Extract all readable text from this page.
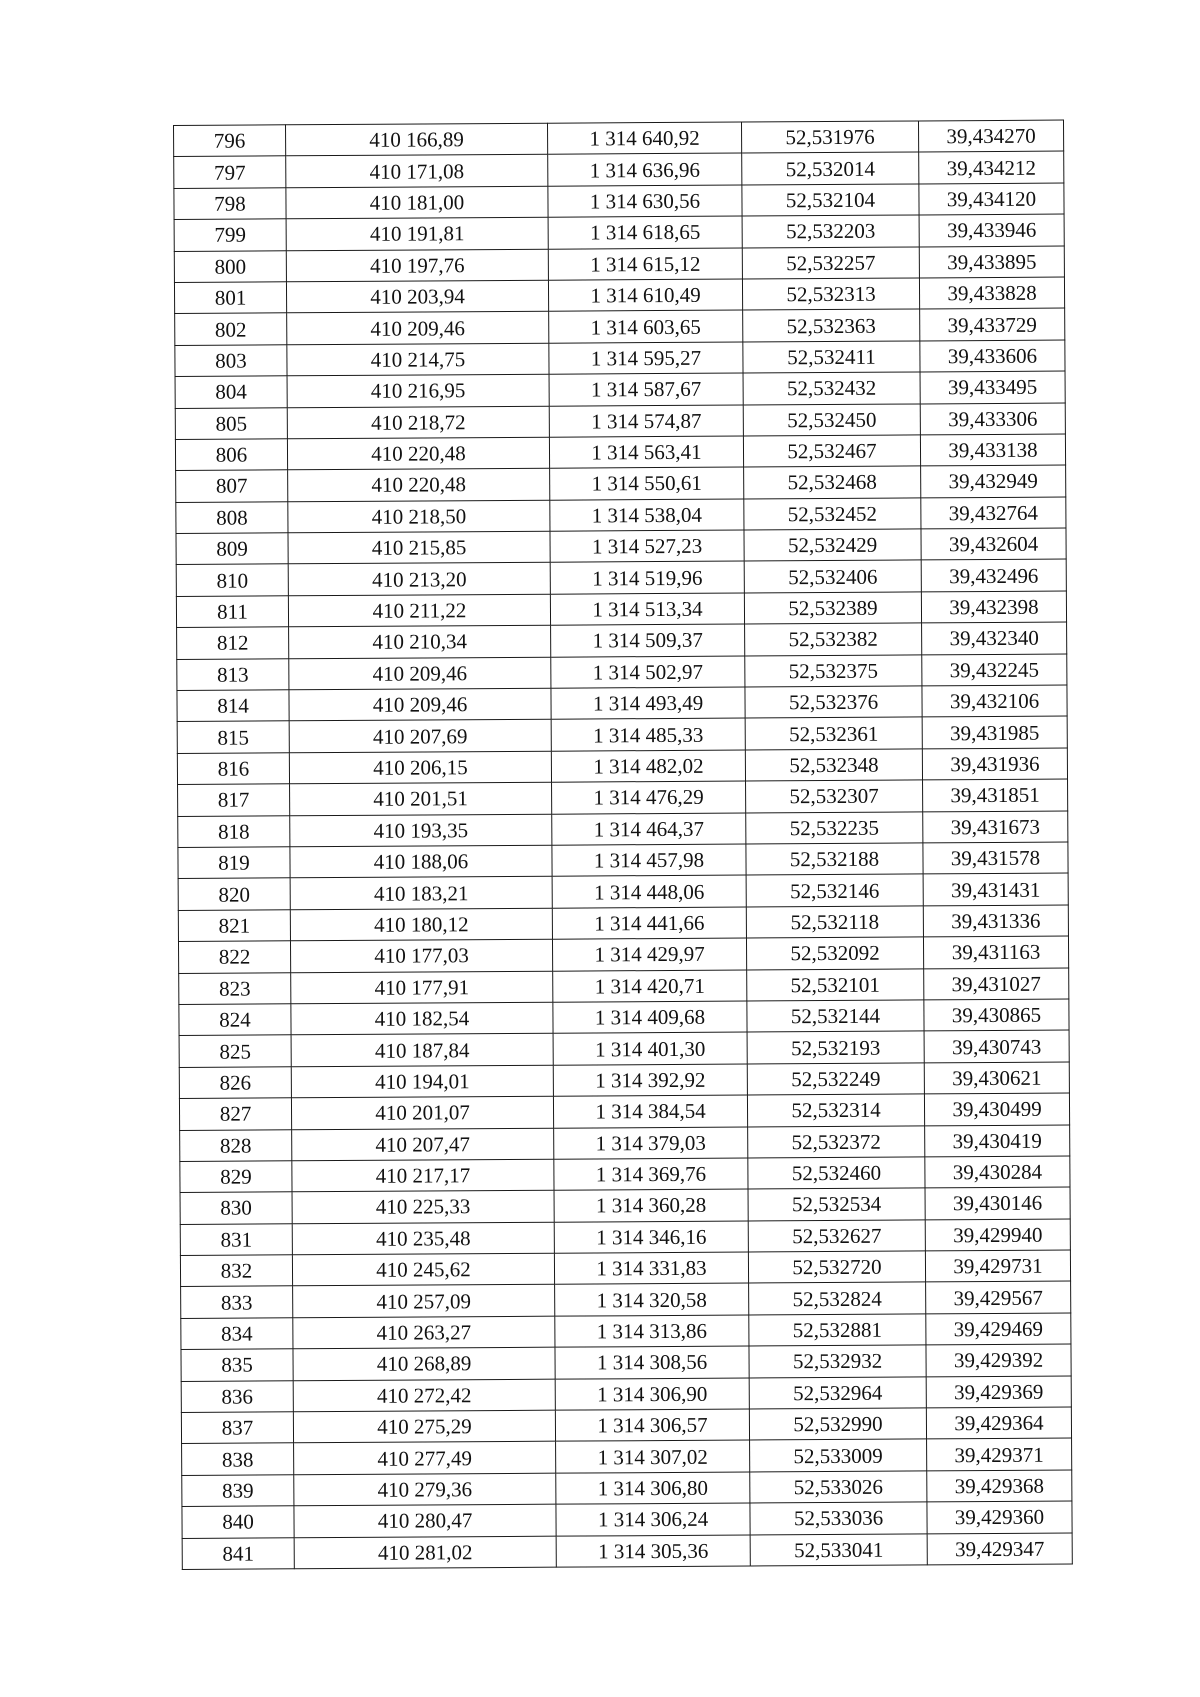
796	410 166,89	1 314 640,92	52,531976	39,434270
797	410 171,08	1 314 636,96	52,532014	39,434212
798	410 181,00	1 314 630,56	52,532104	39,434120
799	410 191,81	1 314 618,65	52,532203	39,433946
800	410 197,76	1 314 615,12	52,532257	39,433895
801	410 203,94	1 314 610,49	52,532313	39,433828
802	410 209,46	1 314 603,65	52,532363	39,433729
803	410 214,75	1 314 595,27	52,532411	39,433606
804	410 216,95	1 314 587,67	52,532432	39,433495
805	410 218,72	1 314 574,87	52,532450	39,433306
806	410 220,48	1 314 563,41	52,532467	39,433138
807	410 220,48	1 314 550,61	52,532468	39,432949
808	410 218,50	1 314 538,04	52,532452	39,432764
809	410 215,85	1 314 527,23	52,532429	39,432604
810	410 213,20	1 314 519,96	52,532406	39,432496
811	410 211,22	1 314 513,34	52,532389	39,432398
812	410 210,34	1 314 509,37	52,532382	39,432340
813	410 209,46	1 314 502,97	52,532375	39,432245
814	410 209,46	1 314 493,49	52,532376	39,432106
815	410 207,69	1 314 485,33	52,532361	39,431985
816	410 206,15	1 314 482,02	52,532348	39,431936
817	410 201,51	1 314 476,29	52,532307	39,431851
818	410 193,35	1 314 464,37	52,532235	39,431673
819	410 188,06	1 314 457,98	52,532188	39,431578
820	410 183,21	1 314 448,06	52,532146	39,431431
821	410 180,12	1 314 441,66	52,532118	39,431336
822	410 177,03	1 314 429,97	52,532092	39,431163
823	410 177,91	1 314 420,71	52,532101	39,431027
824	410 182,54	1 314 409,68	52,532144	39,430865
825	410 187,84	1 314 401,30	52,532193	39,430743
826	410 194,01	1 314 392,92	52,532249	39,430621
827	410 201,07	1 314 384,54	52,532314	39,430499
828	410 207,47	1 314 379,03	52,532372	39,430419
829	410 217,17	1 314 369,76	52,532460	39,430284
830	410 225,33	1 314 360,28	52,532534	39,430146
831	410 235,48	1 314 346,16	52,532627	39,429940
832	410 245,62	1 314 331,83	52,532720	39,429731
833	410 257,09	1 314 320,58	52,532824	39,429567
834	410 263,27	1 314 313,86	52,532881	39,429469
835	410 268,89	1 314 308,56	52,532932	39,429392
836	410 272,42	1 314 306,90	52,532964	39,429369
837	410 275,29	1 314 306,57	52,532990	39,429364
838	410 277,49	1 314 307,02	52,533009	39,429371
839	410 279,36	1 314 306,80	52,533026	39,429368
840	410 280,47	1 314 306,24	52,533036	39,429360
841	410 281,02	1 314 305,36	52,533041	39,429347
